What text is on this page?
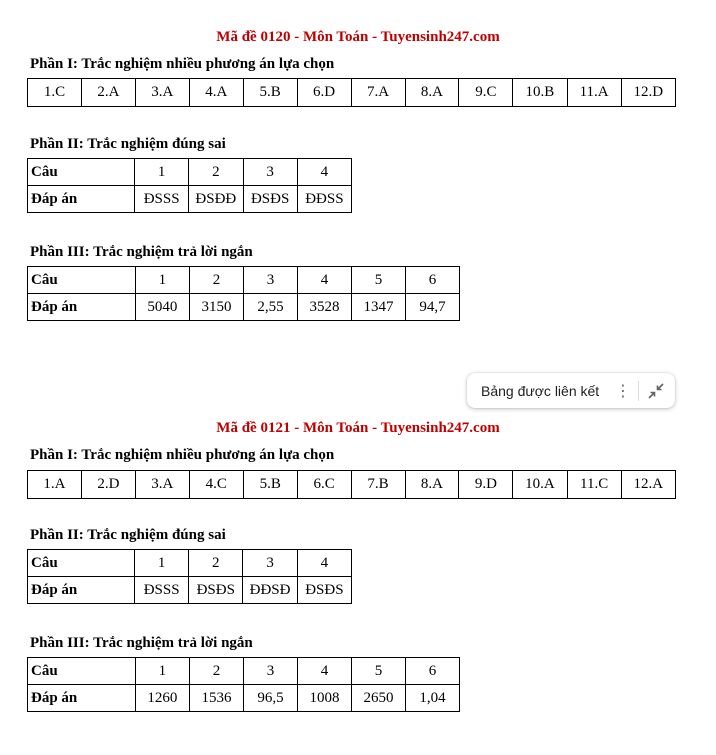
Mã đề 0120 - Môn Toán - Tuyensinh247.com
Phần I: Trắc nghiệm nhiều phương án lựa chọn
1.C	2.A	3.A	4.A	5.B	6.D	7.A	8.A	9.C	10.B	11.A	12.D
Phần II: Trắc nghiệm đúng sai
Câu	1	2	3	4
Đáp án	ĐSSS	ĐSĐĐ	ĐSĐS	ĐĐSS
Phần III: Trắc nghiệm trả lời ngắn
Câu	1	2	3	4	5	6
Đáp án	5040	3150	2,55	3528	1347	94,7
Bảng được liên kết ⋮
Mã đề 0121 - Môn Toán - Tuyensinh247.com
Phần I: Trắc nghiệm nhiều phương án lựa chọn
1.A	2.D	3.A	4.C	5.B	6.C	7.B	8.A	9.D	10.A	11.C	12.A
Phần II: Trắc nghiệm đúng sai
Câu	1	2	3	4
Đáp án	ĐSSS	ĐSĐS	ĐĐSĐ	ĐSĐS
Phần III: Trắc nghiệm trả lời ngắn
Câu	1	2	3	4	5	6
Đáp án	1260	1536	96,5	1008	2650	1,04
